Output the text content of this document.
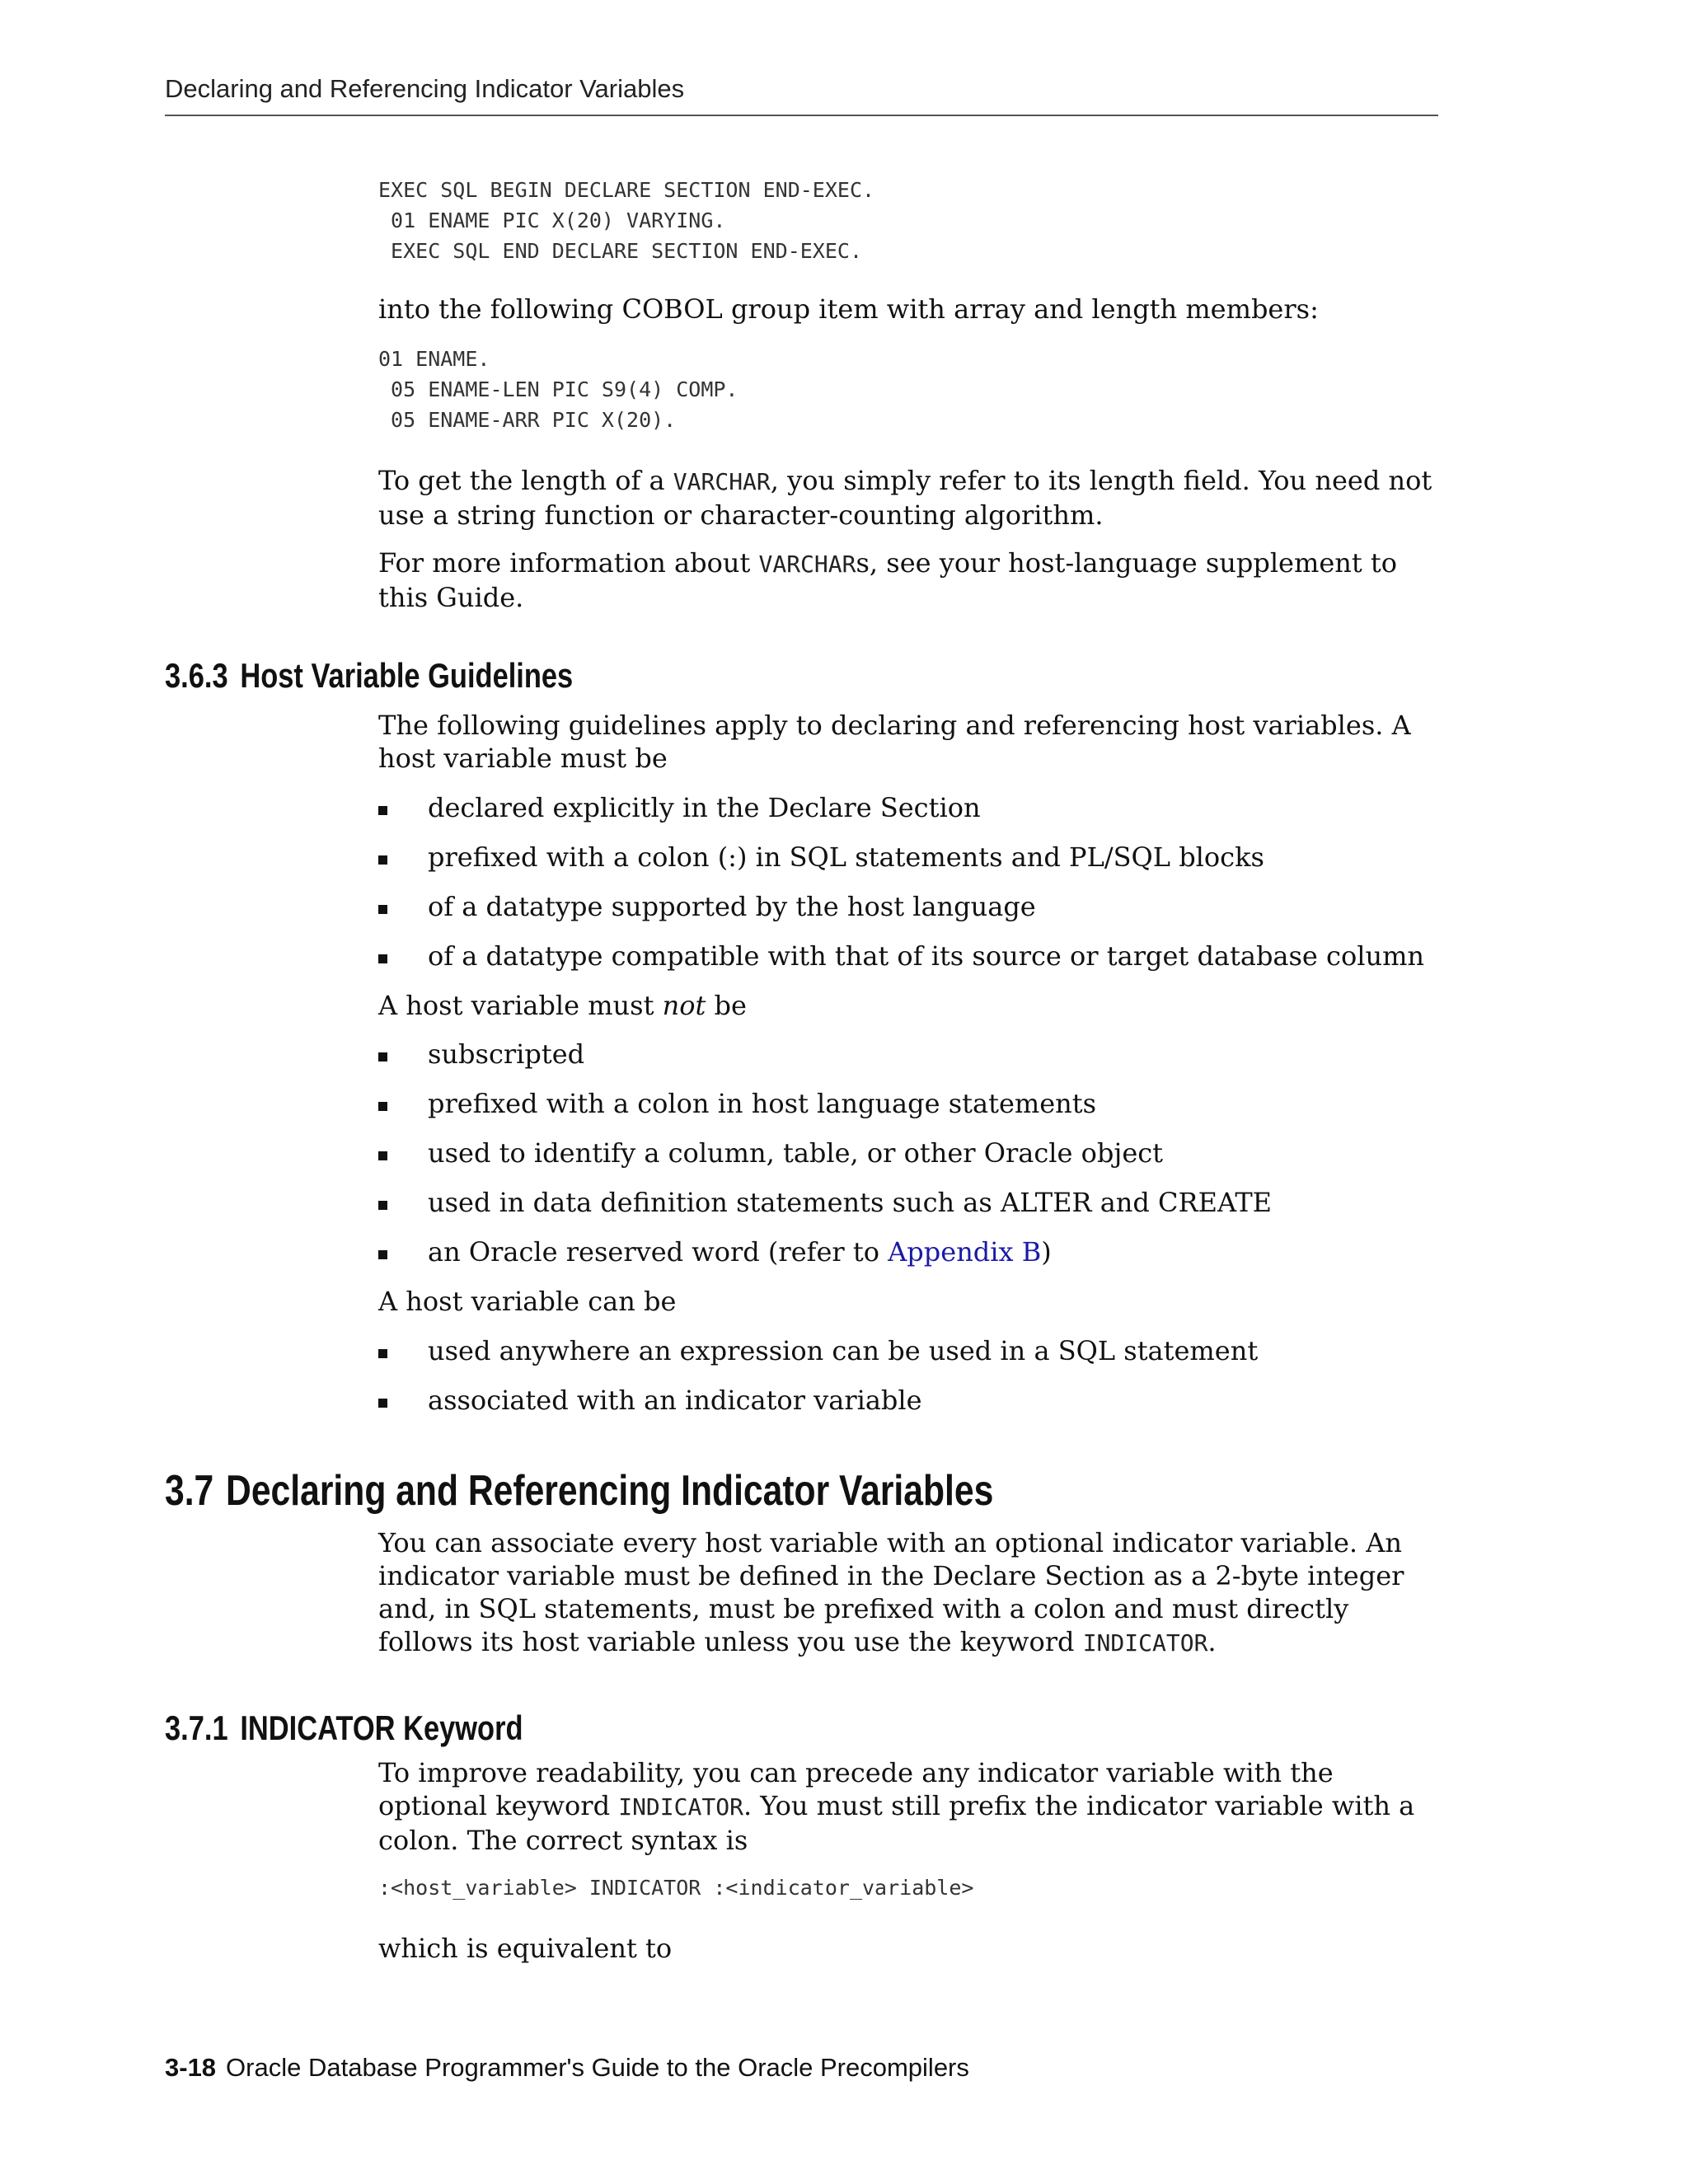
Declaring and Referencing Indicator Variables
EXEC SQL BEGIN DECLARE SECTION END-EXEC.
01 ENAME PIC X(20) VARYING.
EXEC SQL END DECLARE SECTION END-EXEC.
into the following COBOL group item with array and length members:
01 ENAME.
05 ENAME-LEN PIC S9(4) COMP.
05 ENAME-ARR PIC X(20).
To get the length of a VARCHAR, you simply refer to its length field. You need not use a string function or character-counting algorithm.
For more information about VARCHARs, see your host-language supplement to this Guide.
3.6.3 Host Variable Guidelines
The following guidelines apply to declaring and referencing host variables. A host variable must be
declared explicitly in the Declare Section
prefixed with a colon (:) in SQL statements and PL/SQL blocks
of a datatype supported by the host language
of a datatype compatible with that of its source or target database column
A host variable must not be
subscripted
prefixed with a colon in host language statements
used to identify a column, table, or other Oracle object
used in data definition statements such as ALTER and CREATE
an Oracle reserved word (refer to Appendix B)
A host variable can be
used anywhere an expression can be used in a SQL statement
associated with an indicator variable
3.7 Declaring and Referencing Indicator Variables
You can associate every host variable with an optional indicator variable. An indicator variable must be defined in the Declare Section as a 2-byte integer and, in SQL statements, must be prefixed with a colon and must directly follows its host variable unless you use the keyword INDICATOR.
3.7.1 INDICATOR Keyword
To improve readability, you can precede any indicator variable with the optional keyword INDICATOR. You must still prefix the indicator variable with a colon. The correct syntax is
:<host_variable> INDICATOR :<indicator_variable>
which is equivalent to
3-18 Oracle Database Programmer's Guide to the Oracle Precompilers
